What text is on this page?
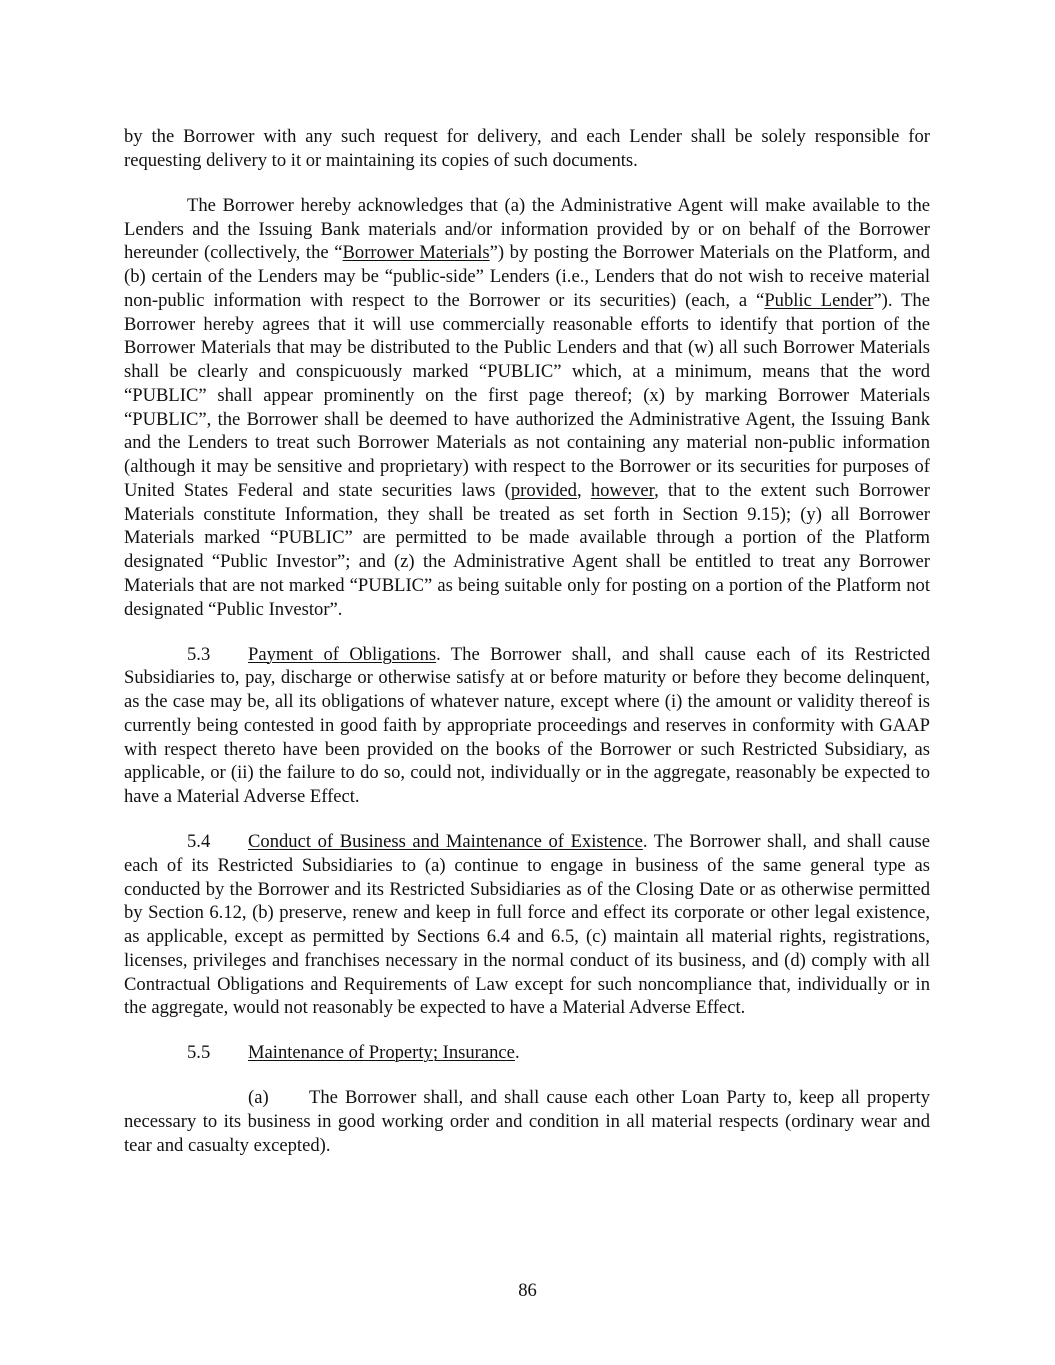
by the Borrower with any such request for delivery, and each Lender shall be solely responsible for requesting delivery to it or maintaining its copies of such documents.

The Borrower hereby acknowledges that (a) the Administrative Agent will make available to the Lenders and the Issuing Bank materials and/or information provided by or on behalf of the Borrower hereunder (collectively, the “Borrower Materials”) by posting the Borrower Materials on the Platform, and (b) certain of the Lenders may be “public-side” Lenders (i.e., Lenders that do not wish to receive material non-public information with respect to the Borrower or its securities) (each, a “Public Lender”). The Borrower hereby agrees that it will use commercially reasonable efforts to identify that portion of the Borrower Materials that may be distributed to the Public Lenders and that (w) all such Borrower Materials shall be clearly and conspicuously marked “PUBLIC” which, at a minimum, means that the word “PUBLIC” shall appear prominently on the first page thereof; (x) by marking Borrower Materials “PUBLIC”, the Borrower shall be deemed to have authorized the Administrative Agent, the Issuing Bank and the Lenders to treat such Borrower Materials as not containing any material non-public information (although it may be sensitive and proprietary) with respect to the Borrower or its securities for purposes of United States Federal and state securities laws (provided, however, that to the extent such Borrower Materials constitute Information, they shall be treated as set forth in Section 9.15); (y) all Borrower Materials marked “PUBLIC” are permitted to be made available through a portion of the Platform designated “Public Investor”; and (z) the Administrative Agent shall be entitled to treat any Borrower Materials that are not marked “PUBLIC” as being suitable only for posting on a portion of the Platform not designated “Public Investor”.

5.3 Payment of Obligations. The Borrower shall, and shall cause each of its Restricted Subsidiaries to, pay, discharge or otherwise satisfy at or before maturity or before they become delinquent, as the case may be, all its obligations of whatever nature, except where (i) the amount or validity thereof is currently being contested in good faith by appropriate proceedings and reserves in conformity with GAAP with respect thereto have been provided on the books of the Borrower or such Restricted Subsidiary, as applicable, or (ii) the failure to do so, could not, individually or in the aggregate, reasonably be expected to have a Material Adverse Effect.

5.4 Conduct of Business and Maintenance of Existence. The Borrower shall, and shall cause each of its Restricted Subsidiaries to (a) continue to engage in business of the same general type as conducted by the Borrower and its Restricted Subsidiaries as of the Closing Date or as otherwise permitted by Section 6.12, (b) preserve, renew and keep in full force and effect its corporate or other legal existence, as applicable, except as permitted by Sections 6.4 and 6.5, (c) maintain all material rights, registrations, licenses, privileges and franchises necessary in the normal conduct of its business, and (d) comply with all Contractual Obligations and Requirements of Law except for such noncompliance that, individually or in the aggregate, would not reasonably be expected to have a Material Adverse Effect.

5.5 Maintenance of Property; Insurance.

(a) The Borrower shall, and shall cause each other Loan Party to, keep all property necessary to its business in good working order and condition in all material respects (ordinary wear and tear and casualty excepted).

86
